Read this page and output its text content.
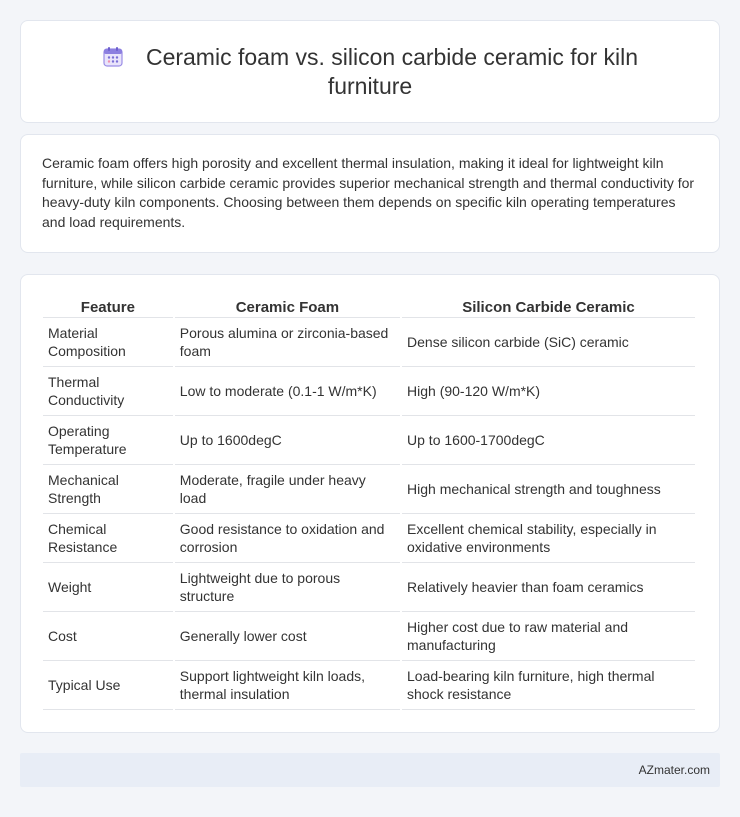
Ceramic foam vs. silicon carbide ceramic for kiln furniture

Ceramic foam offers high porosity and excellent thermal insulation, making it ideal for lightweight kiln furniture, while silicon carbide ceramic provides superior mechanical strength and thermal conductivity for heavy-duty kiln components. Choosing between them depends on specific kiln operating temperatures and load requirements.

Feature	Ceramic Foam	Silicon Carbide Ceramic
Material Composition	Porous alumina or zirconia-based foam	Dense silicon carbide (SiC) ceramic
Thermal Conductivity	Low to moderate (0.1-1 W/m*K)	High (90-120 W/m*K)
Operating Temperature	Up to 1600degC	Up to 1600-1700degC
Mechanical Strength	Moderate, fragile under heavy load	High mechanical strength and toughness
Chemical Resistance	Good resistance to oxidation and corrosion	Excellent chemical stability, especially in oxidative environments
Weight	Lightweight due to porous structure	Relatively heavier than foam ceramics
Cost	Generally lower cost	Higher cost due to raw material and manufacturing
Typical Use	Support lightweight kiln loads, thermal insulation	Load-bearing kiln furniture, high thermal shock resistance
AZmater.com
